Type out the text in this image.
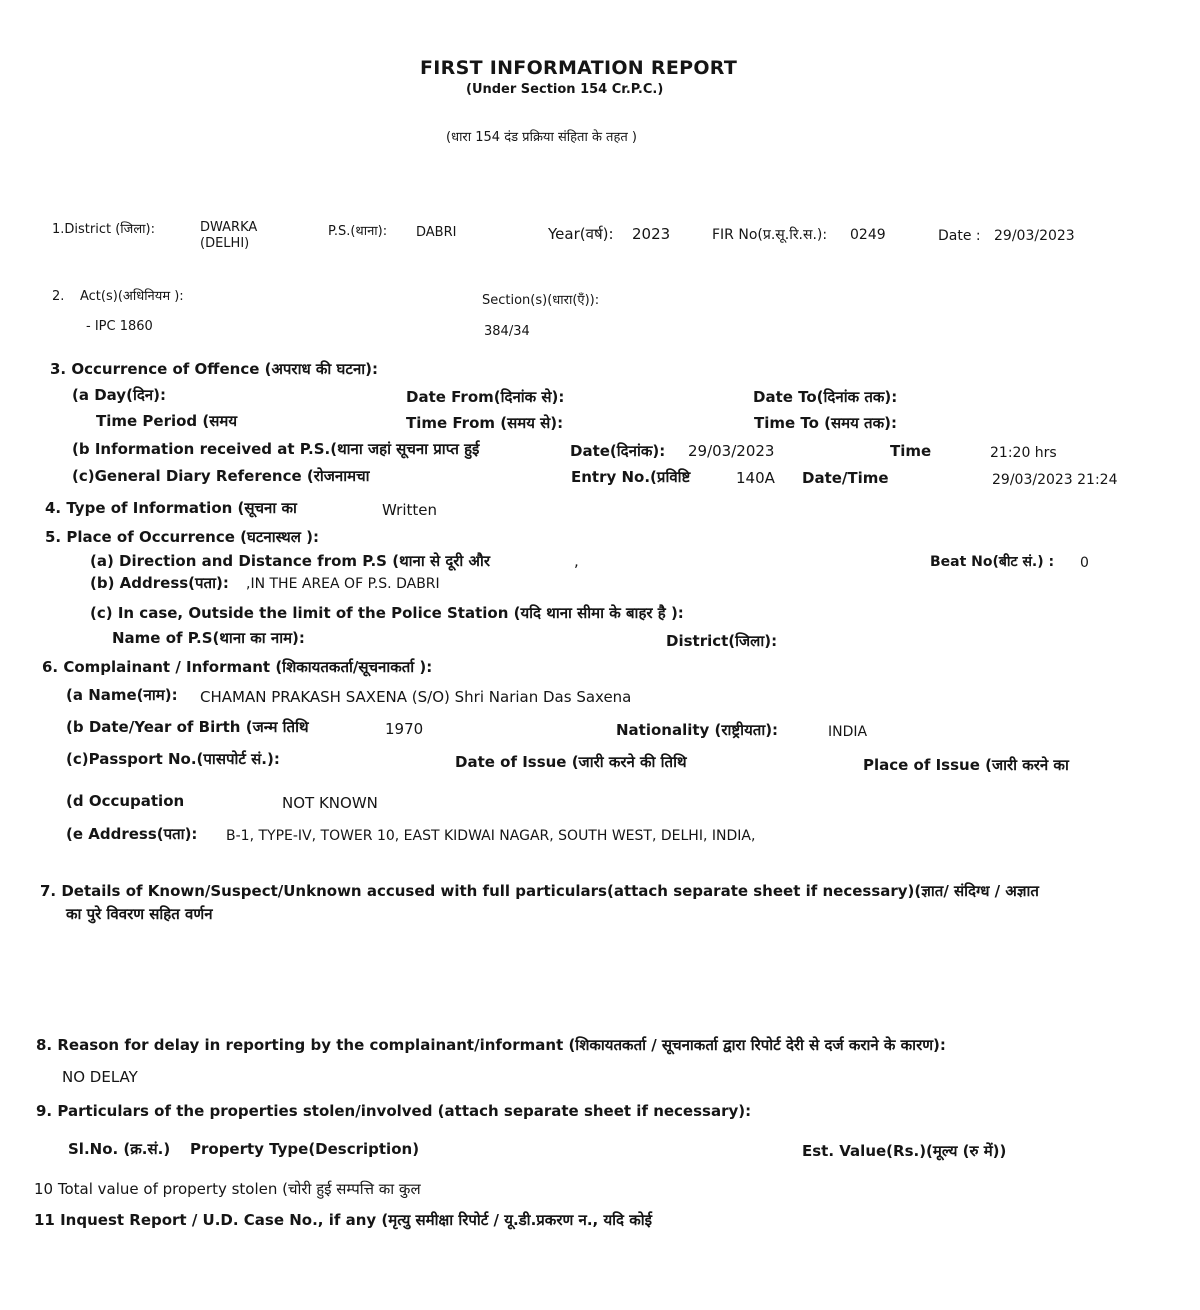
FIRST INFORMATION REPORT
(Under Section 154 Cr.P.C.)
(धारा 154 दंड प्रक्रिया संहिता के तहत )
1.District (जिला):	DWARKA
(DELHI)
P.S.(थाना): DABRI	Year(वर्ष): 2023	FIR No(प्र.सू.रि.स.): 0249	Date : 29/03/2023
2. Act(s)(अधिनियम ):	Section(s)(धारा(एँ)):
- IPC 1860	384/34
3. Occurrence of Offence (अपराध की घटना):
(a Day(दिन):	Date From(दिनांक से):	Date To(दिनांक तक):
Time Period (समय	Time From (समय से):	Time To (समय तक):
(b Information received at P.S.(थाना जहां सूचना प्राप्त हुई	Date(दिनांक): 29/03/2023	Time	21:20 hrs
(c)General Diary Reference (रोजनामचा	Entry No.(प्रविष्टि	140A Date/Time	29/03/2023 21:24
4. Type of Information (सूचना का	Written
5. Place of Occurrence (घटनास्थल ):
(a) Direction and Distance from P.S (थाना से दूरी और	,	Beat No(बीट सं.) : 0
(b) Address(पता): ,IN THE AREA OF P.S. DABRI
(c) In case, Outside the limit of the Police Station (यदि थाना सीमा के बाहर है ):
Name of P.S(थाना का नाम):	District(जिला):
6. Complainant / Informant (शिकायतकर्ता/सूचनाकर्ता ):
(a Name(नाम): CHAMAN PRAKASH SAXENA (S/O) Shri Narian Das Saxena
(b Date/Year of Birth (जन्म तिथि	1970	Nationality (राष्ट्रीयता):	INDIA
(c)Passport No.(पासपोर्ट सं.):	Date of Issue (जारी करने की तिथि	Place of Issue (जारी करने का
(d Occupation	NOT KNOWN
(e Address(पता): B-1, TYPE-IV, TOWER 10, EAST KIDWAI NAGAR, SOUTH WEST, DELHI, INDIA,
7. Details of Known/Suspect/Unknown accused with full particulars(attach separate sheet if necessary)(ज्ञात/ संदिग्ध / अज्ञात
का पुरे विवरण सहित वर्णन
8. Reason for delay in reporting by the complainant/informant (शिकायतकर्ता / सूचनाकर्ता द्वारा रिपोर्ट देरी से दर्ज कराने के कारण):
NO DELAY
9. Particulars of the properties stolen/involved (attach separate sheet if necessary):
Sl.No. (क्र.सं.) Property Type(Description)	Est. Value(Rs.)(मूल्य (रु में))
10 Total value of property stolen (चोरी हुई सम्पत्ति का कुल
11 Inquest Report / U.D. Case No., if any (मृत्यु समीक्षा रिपोर्ट / यू.डी.प्रकरण न., यदि कोई
